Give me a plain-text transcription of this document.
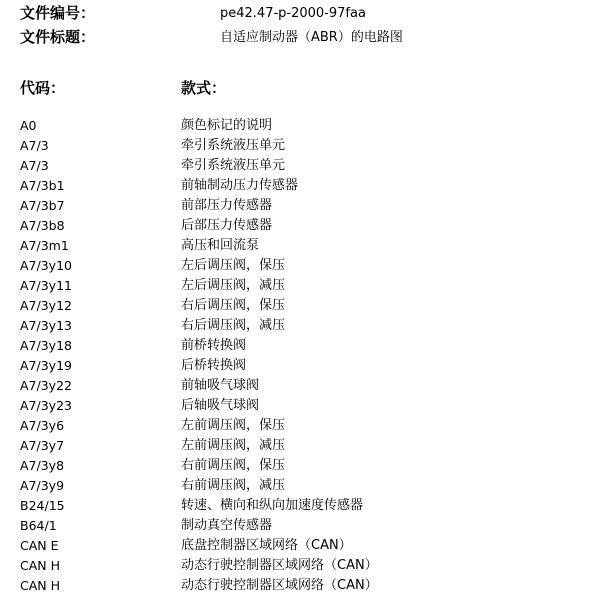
文件编号：	pe42.47-p-2000-97faa
文件标题：	自适应制动器（ABR）的电路图
代码：	款式：
A0	颜色标记的说明
A7/3	牵引系统液压单元
A7/3	牵引系统液压单元
A7/3b1	前轴制动压力传感器
A7/3b7	前部压力传感器
A7/3b8	后部压力传感器
A7/3m1	高压和回流泵
A7/3y10	左后调压阀，保压
A7/3y11	左后调压阀，减压
A7/3y12	右后调压阀，保压
A7/3y13	右后调压阀，减压
A7/3y18	前桥转换阀
A7/3y19	后桥转换阀
A7/3y22	前轴吸气球阀
A7/3y23	后轴吸气球阀
A7/3y6	左前调压阀，保压
A7/3y7	左前调压阀，减压
A7/3y8	右前调压阀，保压
A7/3y9	右前调压阀，减压
B24/15	转速、横向和纵向加速度传感器
B64/1	制动真空传感器
CAN E	底盘控制器区域网络（CAN）
CAN H	动态行驶控制器区域网络（CAN）
CAN H	动态行驶控制器区域网络（CAN）
